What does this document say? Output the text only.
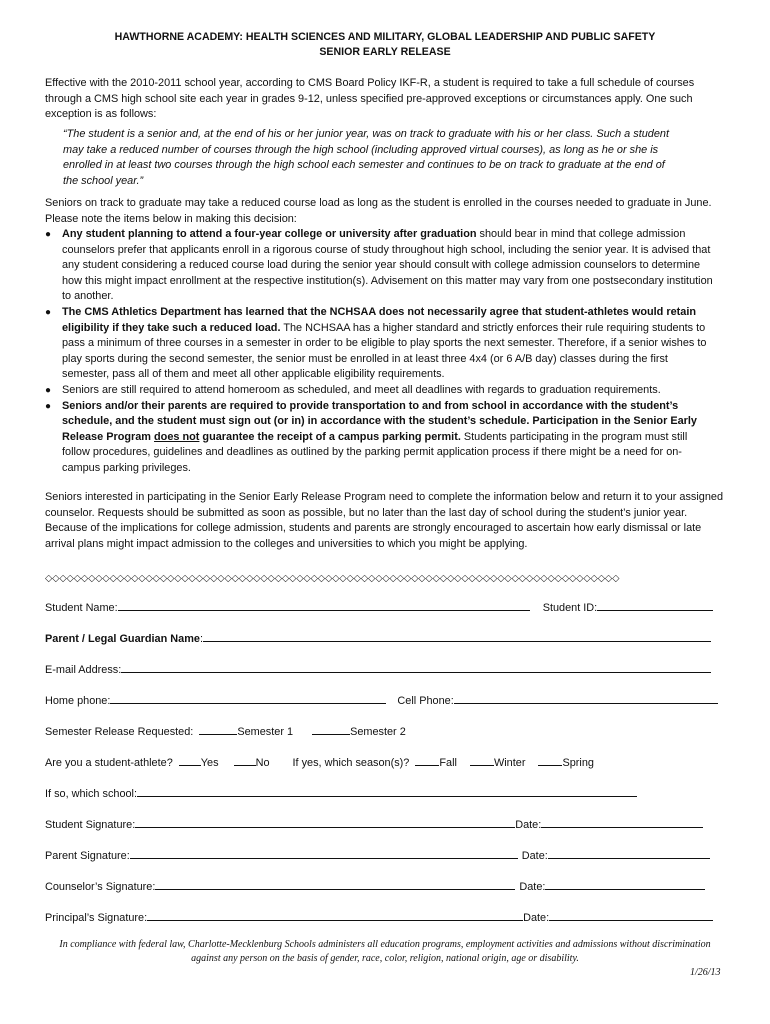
HAWTHORNE ACADEMY: HEALTH SCIENCES AND MILITARY, GLOBAL LEADERSHIP AND PUBLIC SAFETY
SENIOR EARLY RELEASE
Effective with the 2010-2011 school year, according to CMS Board Policy IKF-R, a student is required to take a full schedule of courses through a CMS high school site each year in grades 9-12, unless specified pre-approved exceptions or circumstances apply. One such exception is as follows:
“The student is a senior and, at the end of his or her junior year, was on track to graduate with his or her class. Such a student may take a reduced number of courses through the high school (including approved virtual courses), as long as he or she is enrolled in at least two courses through the high school each semester and continues to be on track to graduate at the end of the school year.”
Seniors on track to graduate may take a reduced course load as long as the student is enrolled in the courses needed to graduate in June. Please note the items below in making this decision:
● Any student planning to attend a four-year college or university after graduation should bear in mind that college admission counselors prefer that applicants enroll in a rigorous course of study throughout high school, including the senior year. It is advised that any student considering a reduced course load during the senior year should consult with college admission counselors to determine how this might impact enrollment at the respective institution(s). Advisement on this matter may vary from one postsecondary institution to another.
● The CMS Athletics Department has learned that the NCHSAA does not necessarily agree that student-athletes would retain eligibility if they take such a reduced load. The NCHSAA has a higher standard and strictly enforces their rule requiring students to pass a minimum of three courses in a semester in order to be eligible to play sports the next semester. Therefore, if a senior wishes to play sports during the second semester, the senior must be enrolled in at least three 4x4 (or 6 A/B day) classes during the first semester, pass all of them and meet all other applicable eligibility requirements.
● Seniors are still required to attend homeroom as scheduled, and meet all deadlines with regards to graduation requirements.
● Seniors and/or their parents are required to provide transportation to and from school in accordance with the student’s schedule, and the student must sign out (or in) in accordance with the student’s schedule. Participation in the Senior Early Release Program does not guarantee the receipt of a campus parking permit. Students participating in the program must still follow procedures, guidelines and deadlines as outlined by the parking permit application process if there might be a need for on-campus parking privileges.
Seniors interested in participating in the Senior Early Release Program need to complete the information below and return it to your assigned counselor. Requests should be submitted as soon as possible, but no later than the last day of school during the student’s junior year. Because of the implications for college admission, students and parents are strongly encouraged to ascertain how early dismissal or late arrival plans might impact admission to the colleges and universities to which you might be applying.
◇◇◇◇◇◇◇◇◇◇◇◇◇◇◇◇◇◇◇◇◇◇◇◇◇◇◇◇◇◇◇◇◇◇◇◇◇◇◇◇◇◇◇◇◇◇◇◇◇◇◇◇◇◇◇◇◇◇◇◇◇◇◇◇◇◇◇◇◇◇◇◇◇◇◇◇◇◇◇◇
Student Name:	Student ID:
Parent / Legal Guardian Name:
E-mail Address:
Home phone:	Cell Phone:
Semester Release Requested:	Semester 1	Semester 2
Are you a student-athlete?	Yes	No If yes, which season(s)?	Fall	Winter	Spring
If so, which school:
Student Signature:	Date:
Parent Signature:	Date:
Counselor’s Signature:	Date:
Principal’s Signature:	Date:
In compliance with federal law, Charlotte-Mecklenburg Schools administers all education programs, employment activities and admissions without discrimination
against any person on the basis of gender, race, color, religion, national origin, age or disability.
1/26/13
